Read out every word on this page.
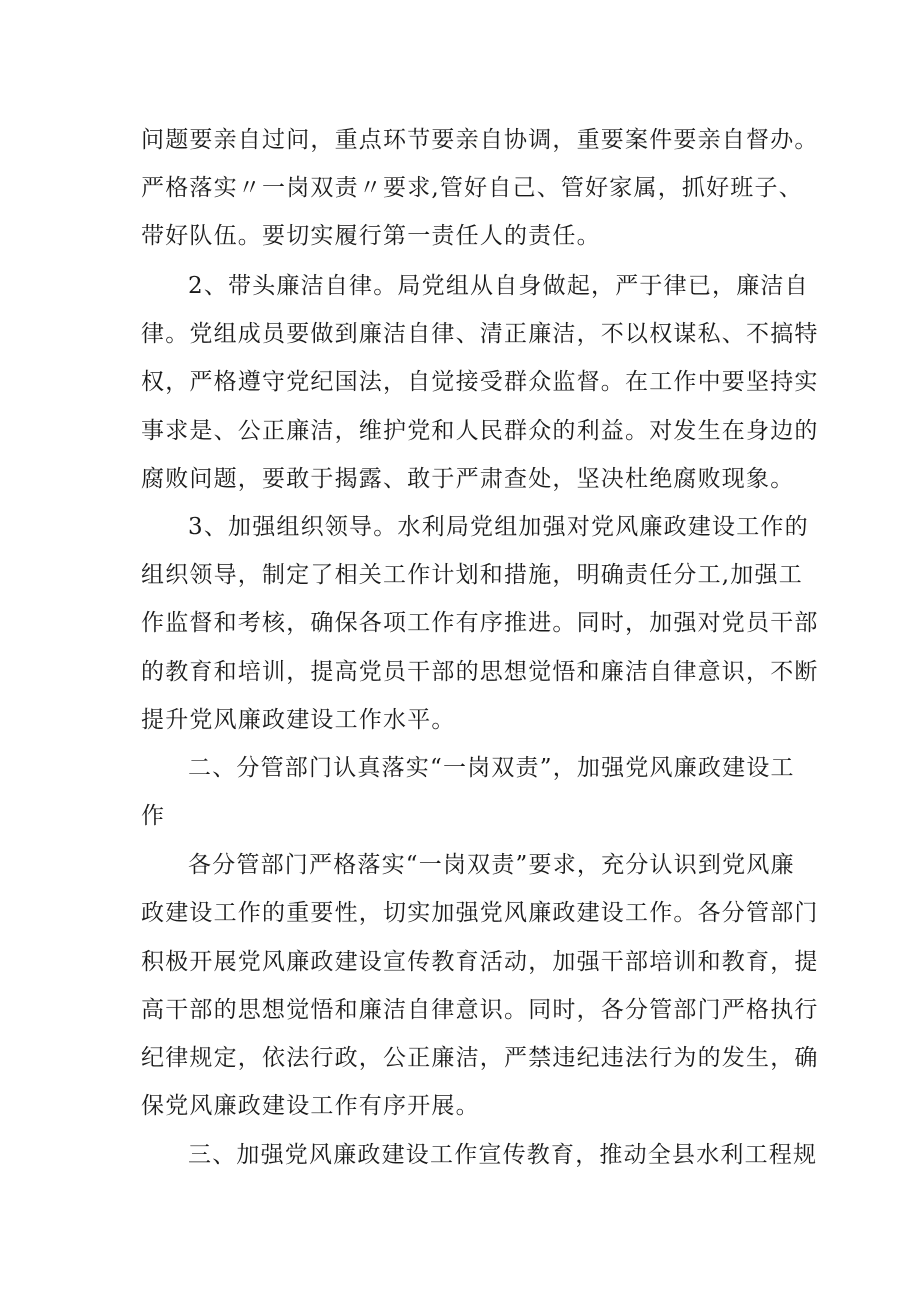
问题要亲自过问，重点环节要亲自协调，重要案件要亲自督办。
严格落实〃一岗双责〃要求,管好自己、管好家属，抓好班子、
带好队伍。要切实履行第一责任人的责任。
2、带头廉洁自律。局党组从自身做起，严于律已，廉洁自
律。党组成员要做到廉洁自律、清正廉洁，不以权谋私、不搞特
权，严格遵守党纪国法，自觉接受群众监督。在工作中要坚持实
事求是、公正廉洁，维护党和人民群众的利益。对发生在身边的
腐败问题，要敢于揭露、敢于严肃查处，坚决杜绝腐败现象。
3、加强组织领导。水利局党组加强对党风廉政建设工作的
组织领导，制定了相关工作计划和措施，明确责任分工,加强工
作监督和考核，确保各项工作有序推进。同时，加强对党员干部
的教育和培训，提高党员干部的思想觉悟和廉洁自律意识，不断
提升党风廉政建设工作水平。
二、分管部门认真落实“一岗双责”，加强党风廉政建设工
作
各分管部门严格落实“一岗双责”要求，充分认识到党风廉
政建设工作的重要性，切实加强党风廉政建设工作。各分管部门
积极开展党风廉政建设宣传教育活动，加强干部培训和教育，提
高干部的思想觉悟和廉洁自律意识。同时，各分管部门严格执行
纪律规定，依法行政，公正廉洁，严禁违纪违法行为的发生，确
保党风廉政建设工作有序开展。
三、加强党风廉政建设工作宣传教育，推动全县水利工程规
